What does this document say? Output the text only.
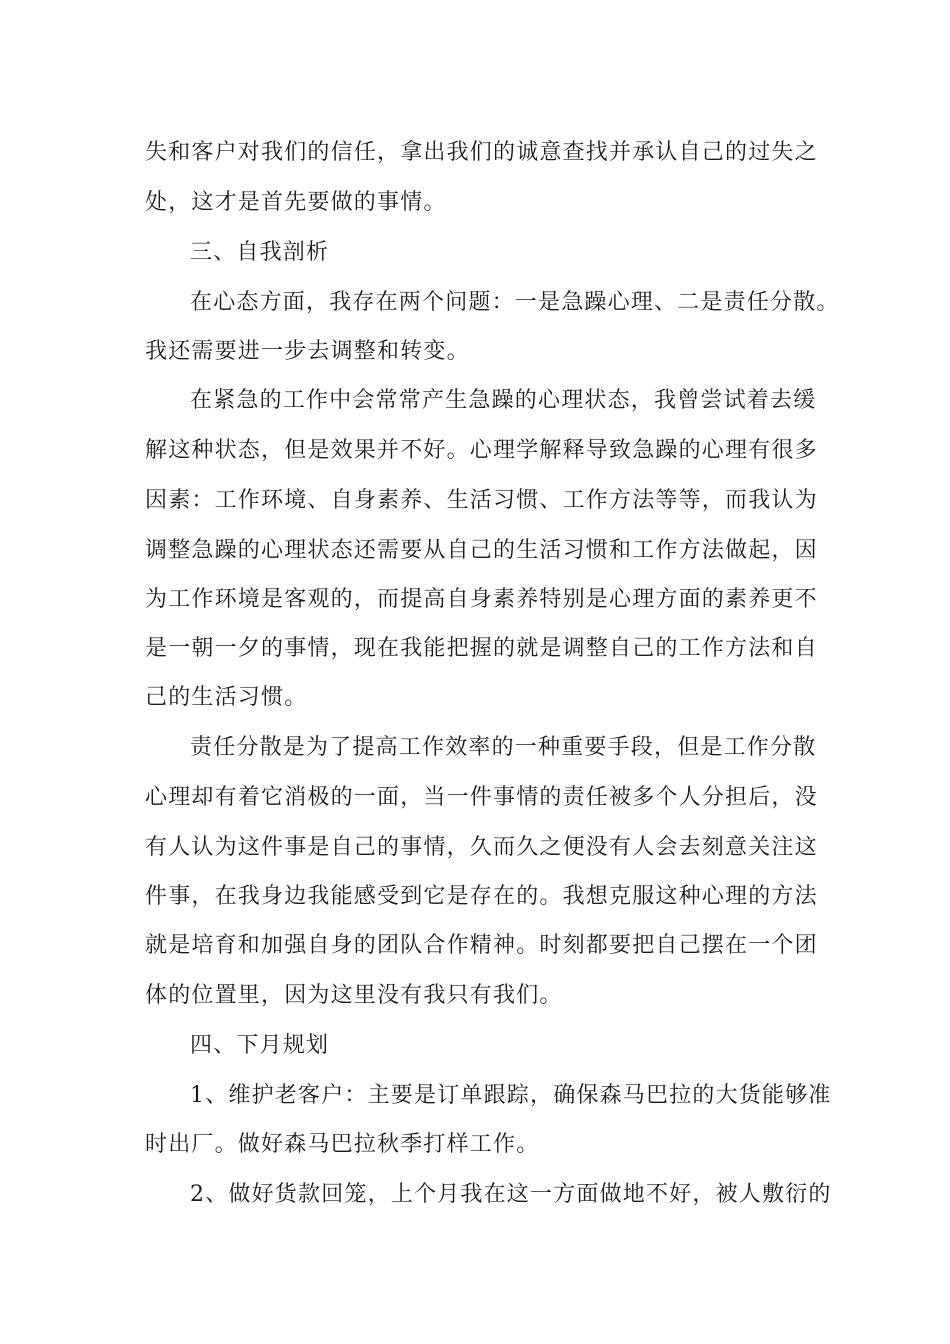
失和客户对我们的信任，拿出我们的诚意查找并承认自己的过失之
处，这才是首先要做的事情。
三、自我剖析
在心态方面，我存在两个问题：一是急躁心理、二是责任分散。
我还需要进一步去调整和转变。
在紧急的工作中会常常产生急躁的心理状态，我曾尝试着去缓
解这种状态，但是效果并不好。心理学解释导致急躁的心理有很多
因素：工作环境、自身素养、生活习惯、工作方法等等，而我认为
调整急躁的心理状态还需要从自己的生活习惯和工作方法做起，因
为工作环境是客观的，而提高自身素养特别是心理方面的素养更不
是一朝一夕的事情，现在我能把握的就是调整自己的工作方法和自
己的生活习惯。
责任分散是为了提高工作效率的一种重要手段，但是工作分散
心理却有着它消极的一面，当一件事情的责任被多个人分担后，没
有人认为这件事是自己的事情，久而久之便没有人会去刻意关注这
件事，在我身边我能感受到它是存在的。我想克服这种心理的方法
就是培育和加强自身的团队合作精神。时刻都要把自己摆在一个团
体的位置里，因为这里没有我只有我们。
四、下月规划
1、维护老客户：主要是订单跟踪，确保森马巴拉的大货能够准
时出厂。做好森马巴拉秋季打样工作。
2、做好货款回笼，上个月我在这一方面做地不好，被人敷衍的
